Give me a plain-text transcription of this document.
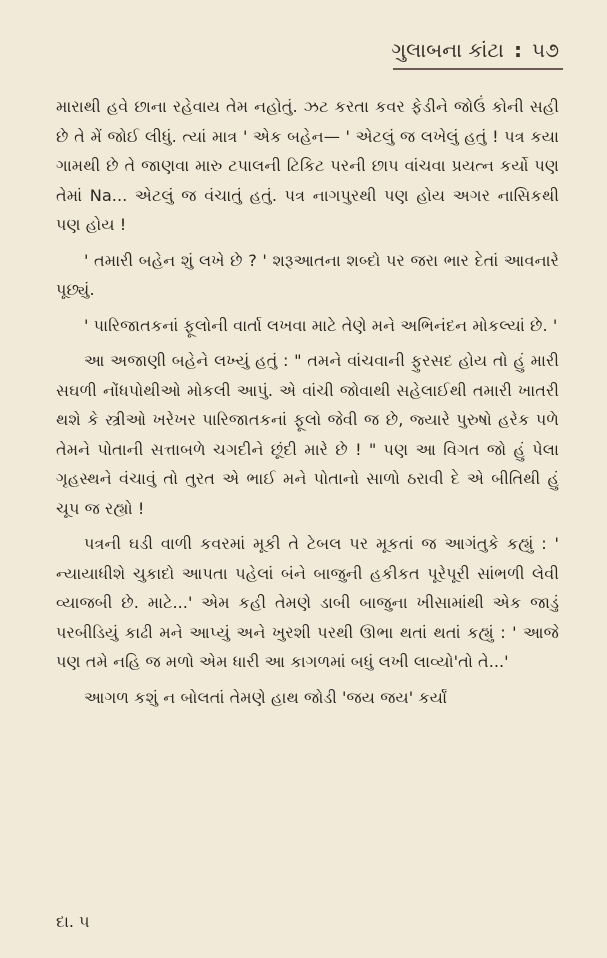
ગુલાબના કાંટા : ૫૭

મારાથી હવે છાના રહેવાય તેમ નહોતું. ઝટ કરતા કવર ફેડીને જોઉં કોની સહી છે તે મેં જોઈ લીધું. ત્યાં માત્ર ' એક બહેન— ' એટલું જ લખેલું હતું ! પત્ર કયા ગામથી છે તે જાણવા મારુ ટપાલની ટિકિટ પરની છાપ વાંચવા પ્રયત્ન કર્યો પણ તેમાં Na... એટલું જ વંચાતું હતું. પત્ર નાગપુરથી પણ હોય અગર નાસિકથી પણ હોય !

' તમારી બહેન શું લખે છે ? ' શરૂઆતના શબ્દો પર જરા ભાર દેતાં આવનારે પૂછ્યું.

' પારિજાતકનાં ફૂલોની વાર્તા લખવા માટે તેણે મને અભિનંદન મોકલ્યાં છે. '

આ અજાણી બહેને લખ્યું હતું : " તમને વાંચવાની ફુરસદ હોય તો હું મારી સઘળી નોંધપોથીઓ મોકલી આપું. એ વાંચી જોવાથી સહેલાઈથી તમારી ખાતરી થશે કે સ્ત્રીઓ ખરેખર પારિજાતકનાં ફૂલો જેવી જ છે, જ્યારે પુરુષો હરેક પળે તેમને પોતાની સત્તાબળે ચગદીને છૂંદી મારે છે ! " પણ આ વિગત જો હું પેલા ગૃહસ્થને વંચાવું તો તુરત એ ભાઈ મને પોતાનો સાળો ઠરાવી દે એ બીતિથી હું ચૂપ જ રહ્યો !

પત્રની ઘડી વાળી કવરમાં મૂકી તે ટેબલ પર મૂકતાં જ આગંતુકે કહ્યું : ' ન્યાયાધીશે ચુકાદો આપતા પહેલાં બંને બાજુની હકીકત પૂરેપૂરી સાંભળી લેવી વ્યાજબી છે. માટે...' એમ કહી તેમણે ડાબી બાજુના ખીસામાંથી એક જાડું પરબીડિયું કાઢી મને આપ્યું અને ખુરશી પરથી ઊભા થતાં થતાં કહ્યું : ' આજે પણ તમે નહિ જ મળો એમ ધારી આ કાગળમાં બધું લખી લાવ્યો'તો તે...'

આગળ કશું ન બોલતાં તેમણે હાથ જોડી 'જય જય' કર્યાં

દા. ૫
